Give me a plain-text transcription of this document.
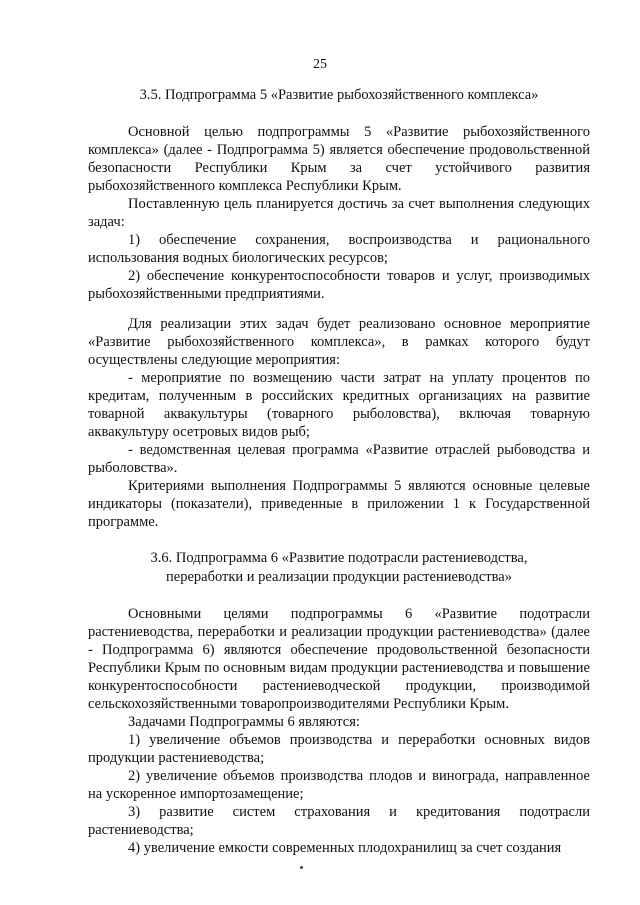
25

3.5. Подпрограмма 5 «Развитие рыбохозяйственного комплекса»

Основной целью подпрограммы 5 «Развитие рыбохозяйственного комплекса» (далее - Подпрограмма 5) является обеспечение продовольственной безопасности Республики Крым за счет устойчивого развития рыбохозяйственного комплекса Республики Крым.

Поставленную цель планируется достичь за счет выполнения следующих задач:

1) обеспечение сохранения, воспроизводства и рационального использования водных биологических ресурсов;

2) обеспечение конкурентоспособности товаров и услуг, производимых рыбохозяйственными предприятиями.

Для реализации этих задач будет реализовано основное мероприятие «Развитие рыбохозяйственного комплекса», в рамках которого будут осуществлены следующие мероприятия:

- мероприятие по возмещению части затрат на уплату процентов по кредитам, полученным в российских кредитных организациях на развитие товарной аквакультуры (товарного рыболовства), включая товарную аквакультуру осетровых видов рыб;

- ведомственная целевая программа «Развитие отраслей рыбоводства и рыболовства».

Критериями выполнения Подпрограммы 5 являются основные целевые индикаторы (показатели), приведенные в приложении 1 к Государственной программе.

3.6. Подпрограмма 6 «Развитие подотрасли растениеводства,
переработки и реализации продукции растениеводства»

Основными целями подпрограммы 6 «Развитие подотрасли растениеводства, переработки и реализации продукции растениеводства» (далее - Подпрограмма 6) являются обеспечение продовольственной безопасности Республики Крым по основным видам продукции растениеводства и повышение конкурентоспособности растениеводческой продукции, производимой сельскохозяйственными товаропроизводителями Республики Крым.

Задачами Подпрограммы 6 являются:

1) увеличение объемов производства и переработки основных видов продукции растениеводства;

2) увеличение объемов производства плодов и винограда, направленное на ускоренное импортозамещение;

3) развитие систем страхования и кредитования подотрасли растениеводства;

4) увеличение емкости современных плодохранилищ за счет создания
